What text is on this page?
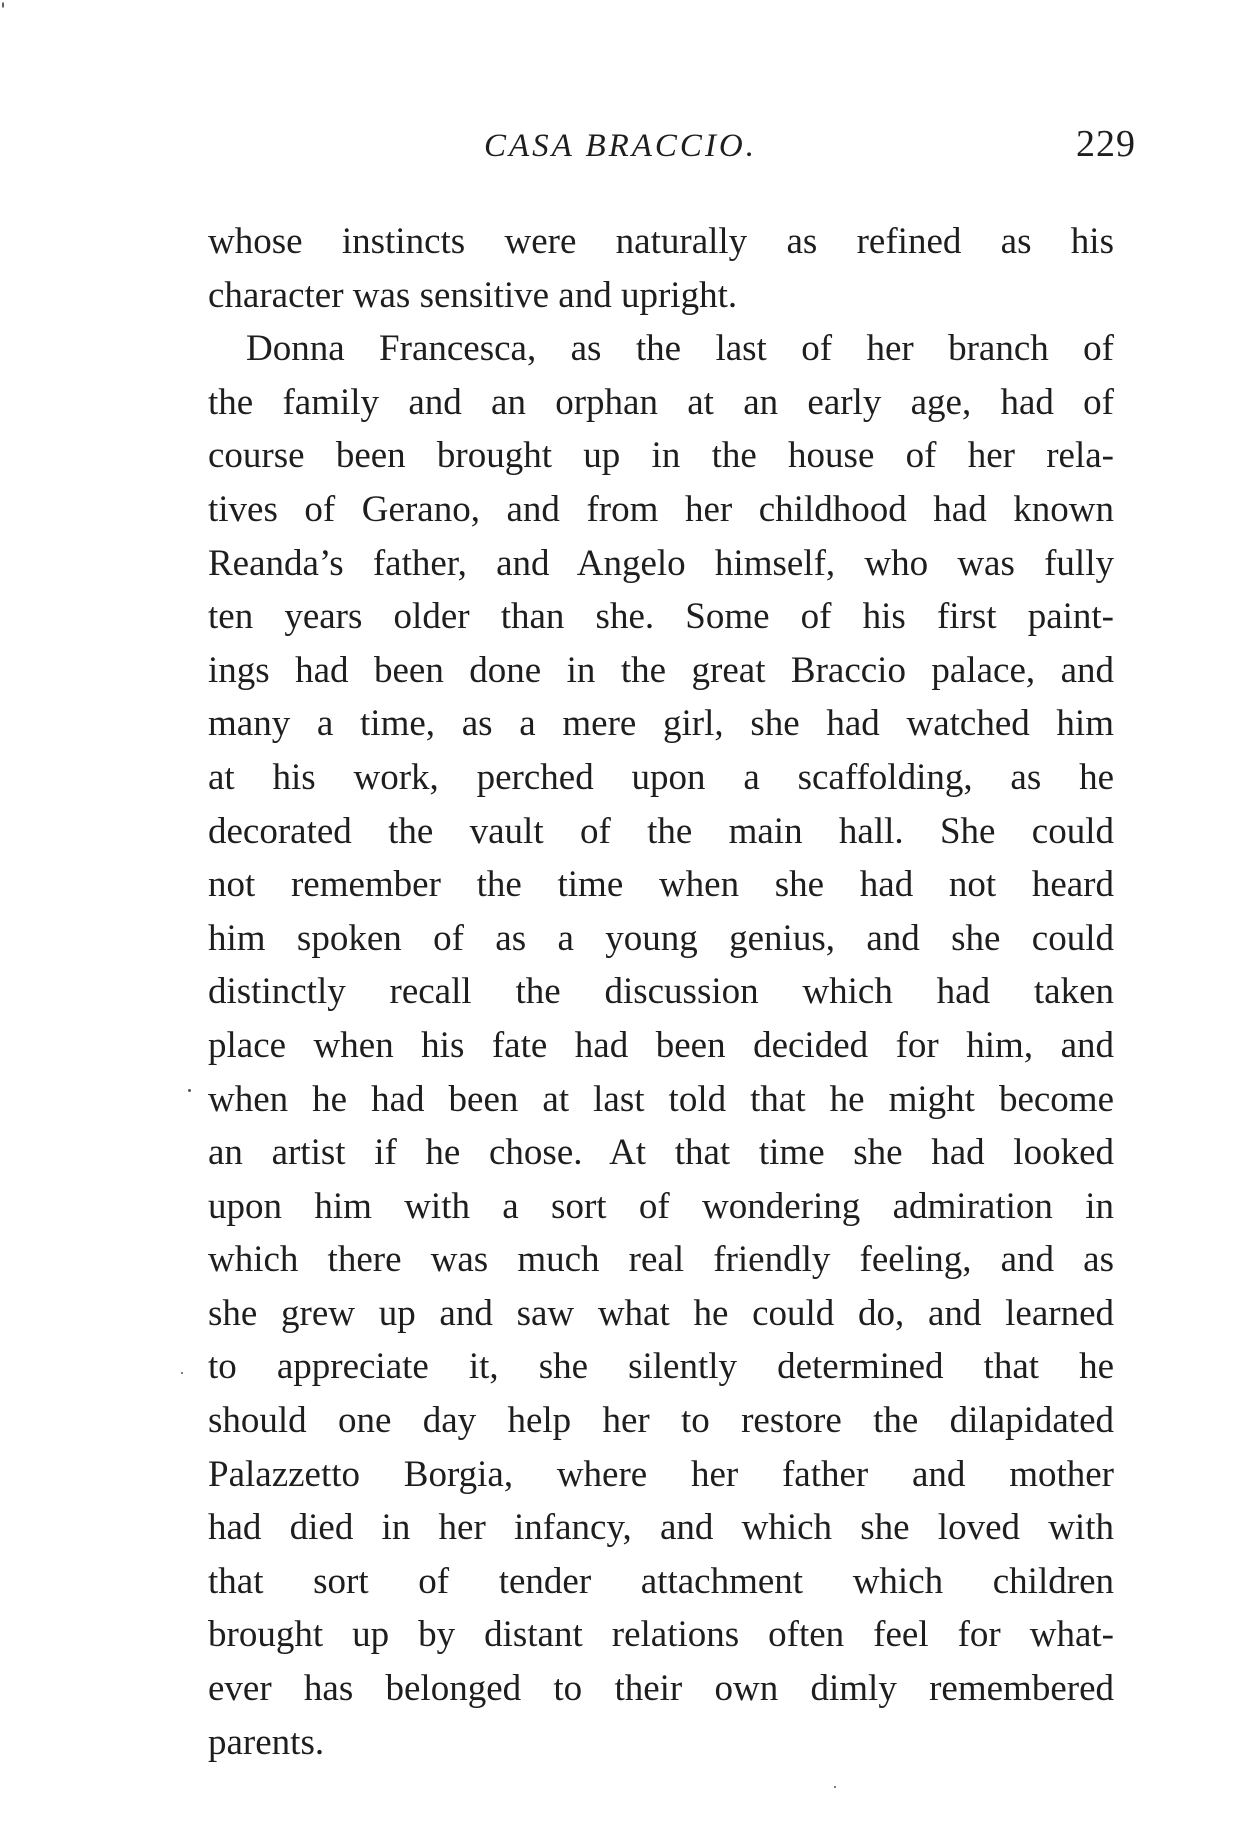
CASA BRACCIO.	229
whose instincts were naturally as refined as his
character was sensitive and upright.
Donna Francesca, as the last of her branch of
the family and an orphan at an early age, had of
course been brought up in the house of her rela-
tives of Gerano, and from her childhood had known
Reanda’s father, and Angelo himself, who was fully
ten years older than she. Some of his first paint-
ings had been done in the great Braccio palace, and
many a time, as a mere girl, she had watched him
at his work, perched upon a scaffolding, as he
decorated the vault of the main hall. She could
not remember the time when she had not heard
him spoken of as a young genius, and she could
distinctly recall the discussion which had taken
place when his fate had been decided for him, and
when he had been at last told that he might become
an artist if he chose. At that time she had looked
upon him with a sort of wondering admiration in
which there was much real friendly feeling, and as
she grew up and saw what he could do, and learned
to appreciate it, she silently determined that he
should one day help her to restore the dilapidated
Palazzetto Borgia, where her father and mother
had died in her infancy, and which she loved with
that sort of tender attachment which children
brought up by distant relations often feel for what-
ever has belonged to their own dimly remembered
parents.
